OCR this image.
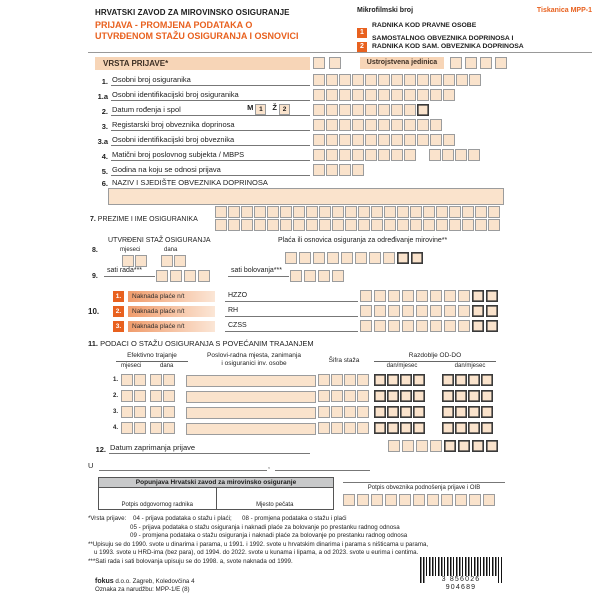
HRVATSKI ZAVOD ZA MIROVINSKO OSIGURANJE
PRIJAVA - PROMJENA PODATAKA O
UTVRĐENOM STAŽU OSIGURANJA I OSNOVICI
Mikrofilmski broj	Tiskanica MPP-1
1
RADNIKA KOD PRAVNE OSOBE
2
SAMOSTALNOG OBVEZNIKA DOPRINOSA I
RADNIKA KOD SAM. OBVEZNIKA DOPRINOSA
VRSTA PRIJAVE*	Ustrojstvena jedinica
1. Osobni broj osiguranika
1.a Osobni identifikacijski broj osiguranika
2. Datum rođenja i spol	M 1 Ž 2
3. Registarski broj obveznika doprinosa
3.a Osobni identifikacijski broj obveznika
4. Matični broj poslovnog subjekta / MBPS
5. Godina na koju se odnosi prijava
6. NAZIV I SJEDIŠTE OBVEZNIKA DOPRINOSA
7. PREZIME I IME OSIGURANIKA
UTVRĐENI STAŽ OSIGURANJA
8.	mjeseci	dana
Plaća ili osnovica osiguranja za određivanje mirovine**
9.
sati rada***	sati bolovanja***
10.
1.	Naknada plaće n/t	HZZO
2.	Naknada plaće n/t	RH
3.	Naknada plaće n/t	CZSS
11. PODACI O STAŽU OSIGURANJA S POVEĆANIM TRAJANJEM
Efektivno trajanje
mjeseci	dana
Poslovi-radna mjesta, zanimanja
i osiguranici inv. osobe	Šifra staža
Razdoblje OD-DO
dan/mjesec	dan/mjesec
1.
2.
3.
4.
12. Datum zaprimanja prijave
U	,
Popunjava Hrvatski zavod za mirovinsko osiguranje
Potpis odgovornog radnika	Mjesto pečata
Potpis obveznika podnošenja prijave i OIB
*Vrsta prijave: 04 - prijava podataka o stažu i plaći; 08 - promjena podataka o stažu i plaći
05 - prijava podataka o stažu osiguranja i naknadi plaće za bolovanje po prestanku radnog odnosa
09 - promjena podataka o stažu osiguranja i naknadi plaće za bolovanje po prestanku radnog odnosa
**Upisuju se do 1990. svote u dinarima i parama, u 1991. i 1992. svote u hrvatskim dinarima i parama s ništicama u parama,
u 1993. svote u HRD-ima (bez para), od 1994. do 2022. svote u kunama i lipama, a od 2023. svote u eurima i centima.
***Sati rada i sati bolovanja upisuju se do 1998. a, svote naknada od 1999.
fokus d.o.o. Zagreb, Koledovčina 4
Oznaka za narudžbu: MPP-1/E (8)
3 856026 904689
